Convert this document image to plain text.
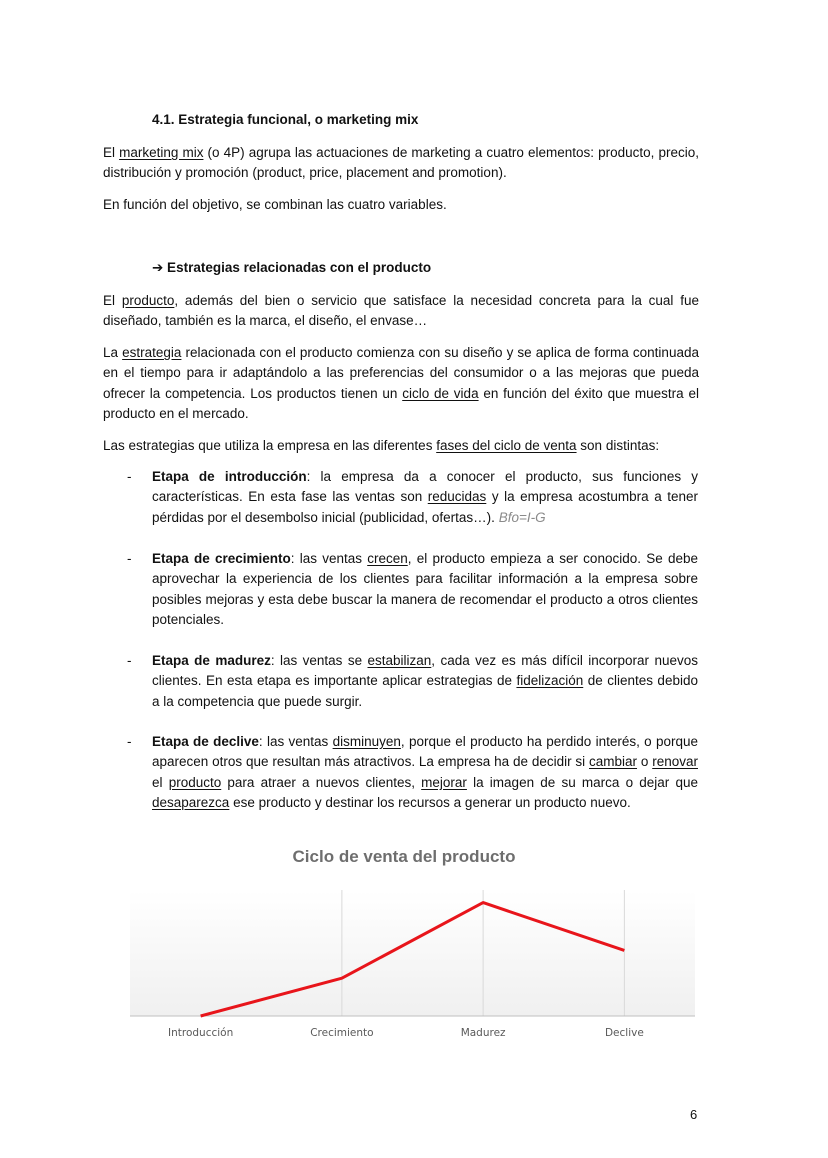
4.1. Estrategia funcional, o marketing mix

El marketing mix (o 4P) agrupa las actuaciones de marketing a cuatro elementos: producto, precio, distribución y promoción (product, price, placement and promotion).

En función del objetivo, se combinan las cuatro variables.

➔ Estrategias relacionadas con el producto

El producto, además del bien o servicio que satisface la necesidad concreta para la cual fue diseñado, también es la marca, el diseño, el envase…

La estrategia relacionada con el producto comienza con su diseño y se aplica de forma continuada en el tiempo para ir adaptándolo a las preferencias del consumidor o a las mejoras que pueda ofrecer la competencia. Los productos tienen un ciclo de vida en función del éxito que muestra el producto en el mercado.

Las estrategias que utiliza la empresa en las diferentes fases del ciclo de venta son distintas:

- Etapa de introducción: la empresa da a conocer el producto, sus funciones y características. En esta fase las ventas son reducidas y la empresa acostumbra a tener pérdidas por el desembolso inicial (publicidad, ofertas…). Bfo=I-G
- Etapa de crecimiento: las ventas crecen, el producto empieza a ser conocido. Se debe aprovechar la experiencia de los clientes para facilitar información a la empresa sobre posibles mejoras y esta debe buscar la manera de recomendar el producto a otros clientes potenciales.
- Etapa de madurez: las ventas se estabilizan, cada vez es más difícil incorporar nuevos clientes. En esta etapa es importante aplicar estrategias de fidelización de clientes debido a la competencia que puede surgir.
- Etapa de declive: las ventas disminuyen, porque el producto ha perdido interés, o porque aparecen otros que resultan más atractivos. La empresa ha de decidir si cambiar o renovar el producto para atraer a nuevos clientes, mejorar la imagen de su marca o dejar que desaparezca ese producto y destinar los recursos a generar un producto nuevo.
Ciclo de venta del producto
Introducción	Crecimiento	Madurez	Declive
6
